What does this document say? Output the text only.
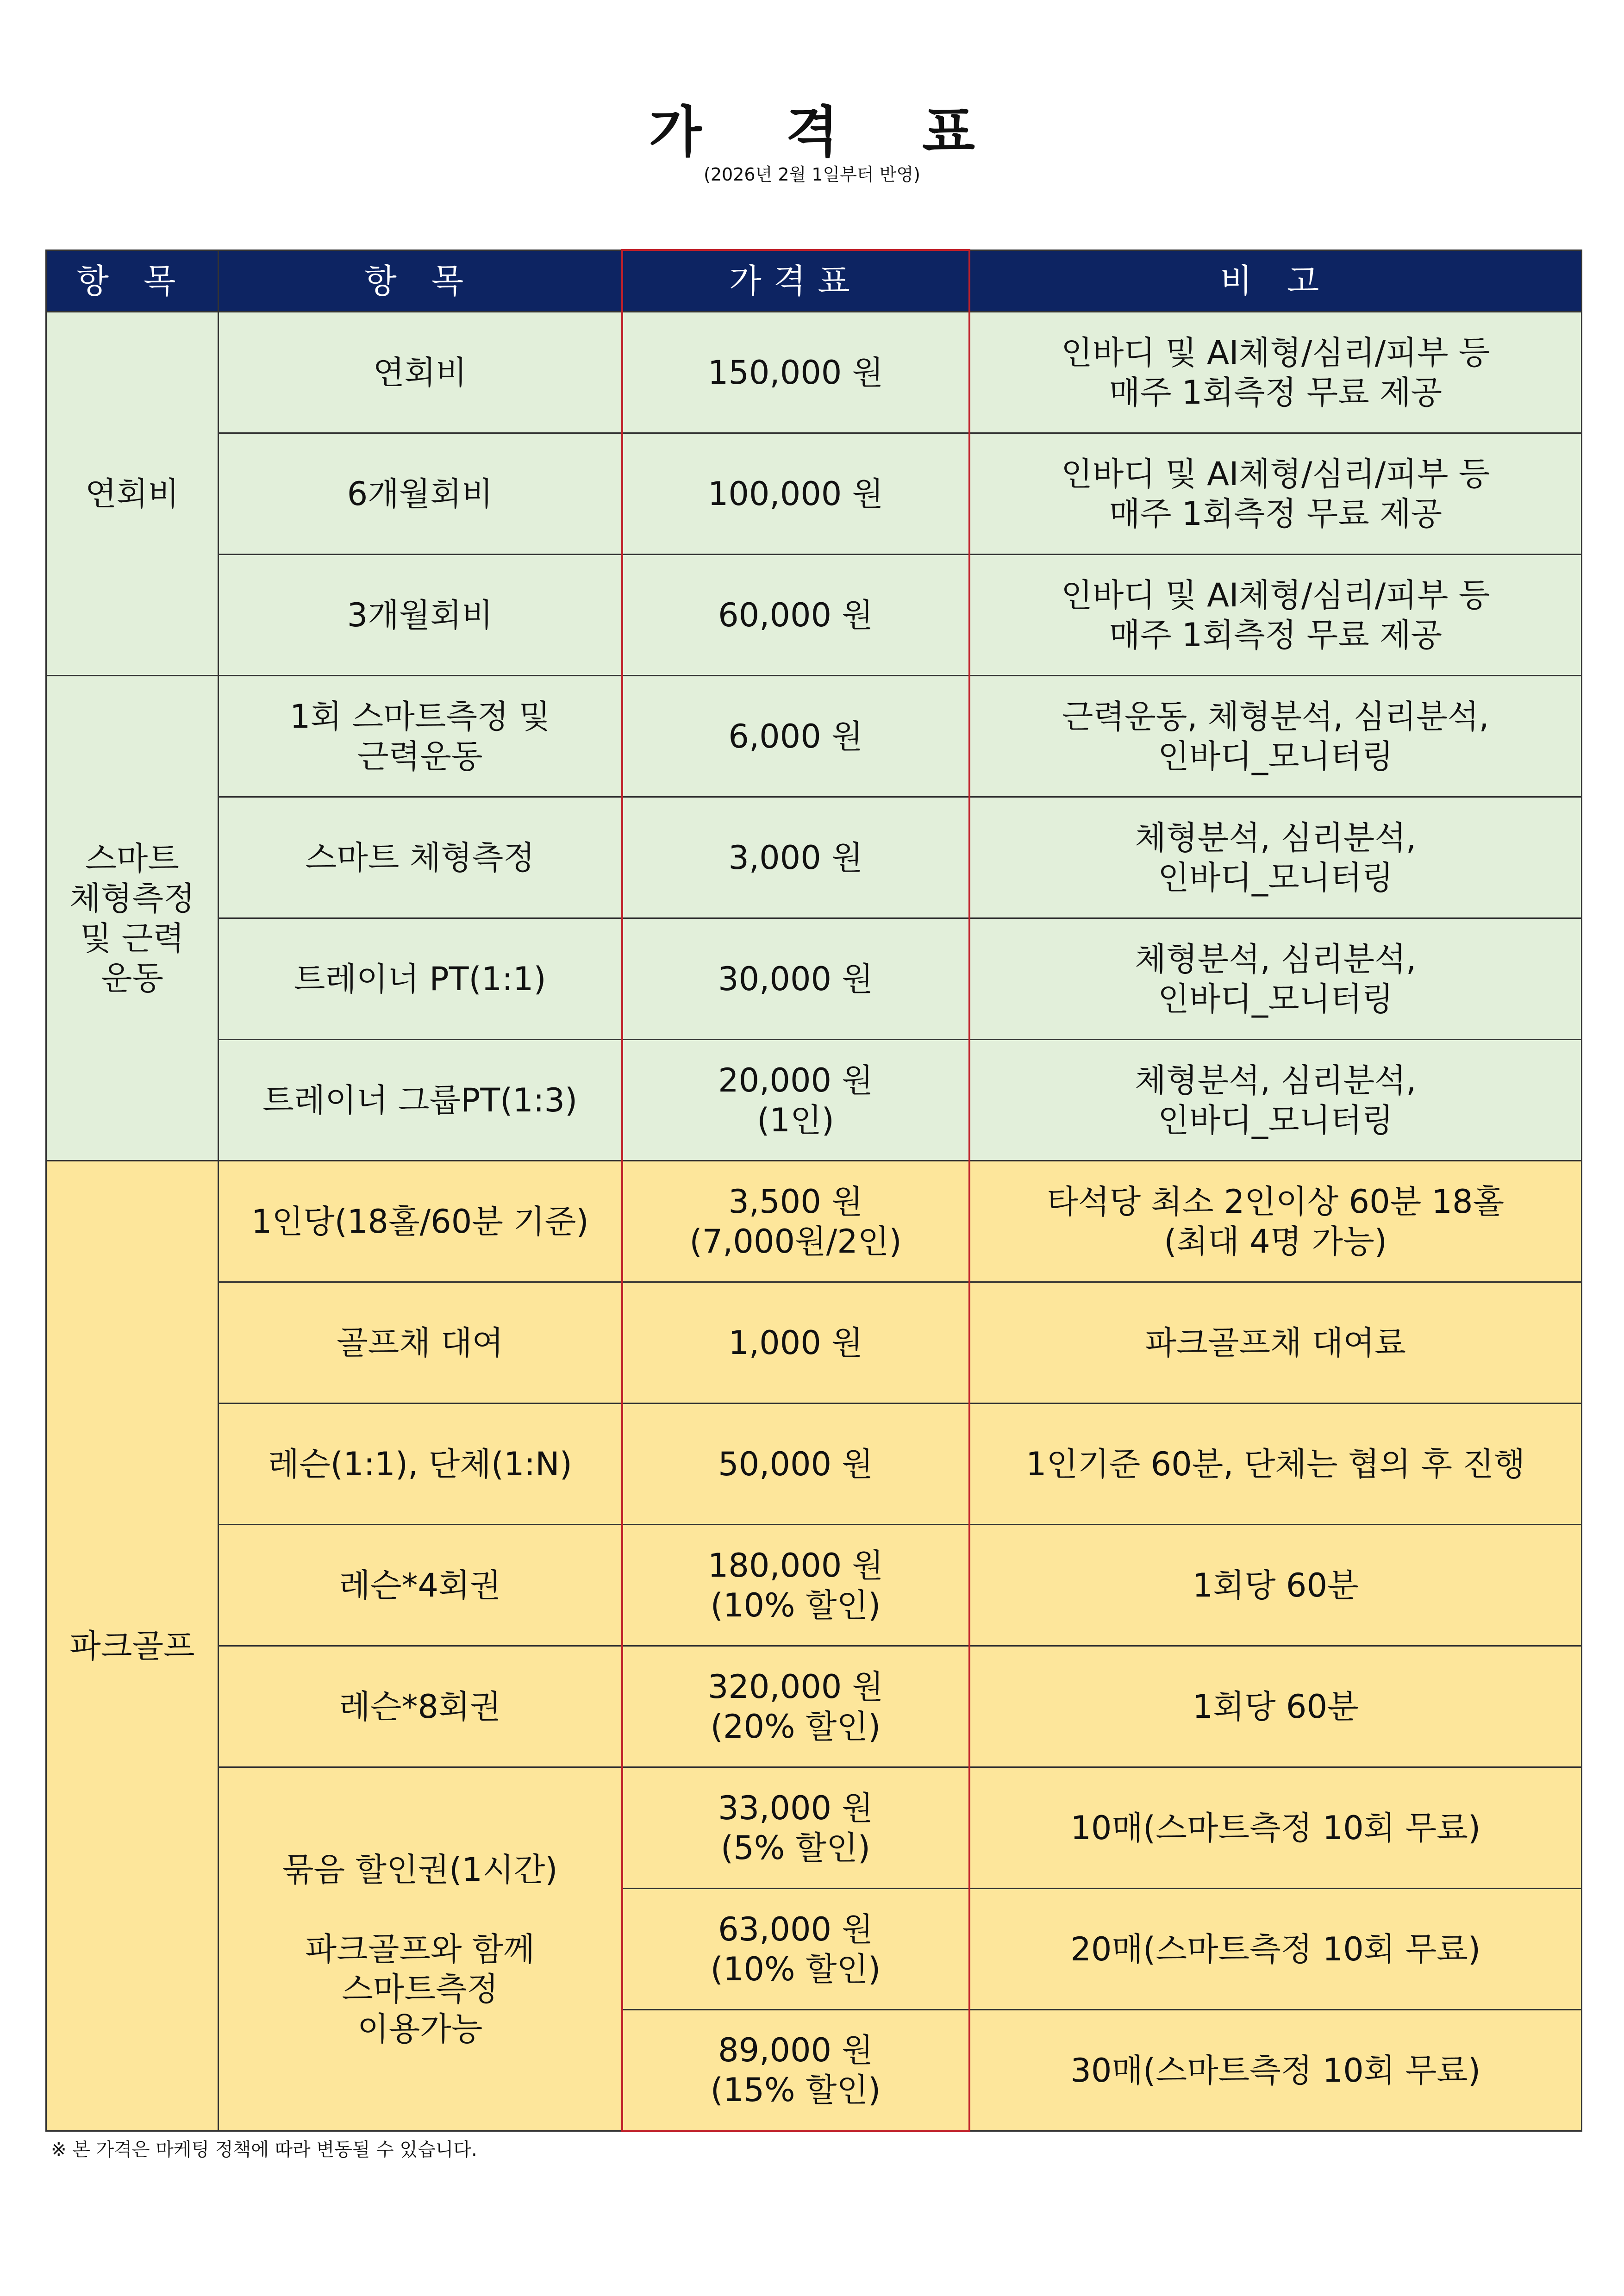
가 격 표
(2026년 2월 1일부터 반영)
항 목	항 목	가격표	비 고
연회비	연회비	150,000 원	인바디 및 AI체형/심리/피부 등
매주 1회측정 무료 제공

	6개월회비	100,000 원	인바디 및 AI체형/심리/피부 등
매주 1회측정 무료 제공

	3개월회비	60,000 원	인바디 및 AI체형/심리/피부 등
매주 1회측정 무료 제공

스마트 체형측정 및 근력운동	1회 스마트측정 및
근력운동	6,000 원	근력운동, 체형분석, 심리분석,
인바디_모니터링

	스마트 체형측정	3,000 원	체형분석, 심리분석,
인바디_모니터링

	트레이너 PT(1:1)	30,000 원	체형분석, 심리분석,
인바디_모니터링

	트레이너 그룹PT(1:3)	20,000 원
(1인)	체형분석, 심리분석,
인바디_모니터링

파크골프	1인당(18홀/60분 기준)	3,500 원
(7,000원/2인)	타석당 최소 2인이상 60분 18홀
(최대 4명 가능)

	골프채 대여	1,000 원	파크골프채 대여료
	레슨(1:1), 단체(1:N)	50,000 원	1인기준 60분, 단체는 협의 후 진행
	레슨*4회권	180,000 원
(10% 할인)	1회당 60분
	레슨*8회권	320,000 원
(20% 할인)	1회당 60분

	묶음 할인권(1시간)
파크골프와 함께
스마트측정
이용가능	33,000 원
(5% 할인)	10매(스마트측정 10회 무료)

		63,000 원
(10% 할인)	20매(스마트측정 10회 무료)

		89,000 원
(15% 할인)	30매(스마트측정 10회 무료)
※ 본 가격은 마케팅 정책에 따라 변동될 수 있습니다.
